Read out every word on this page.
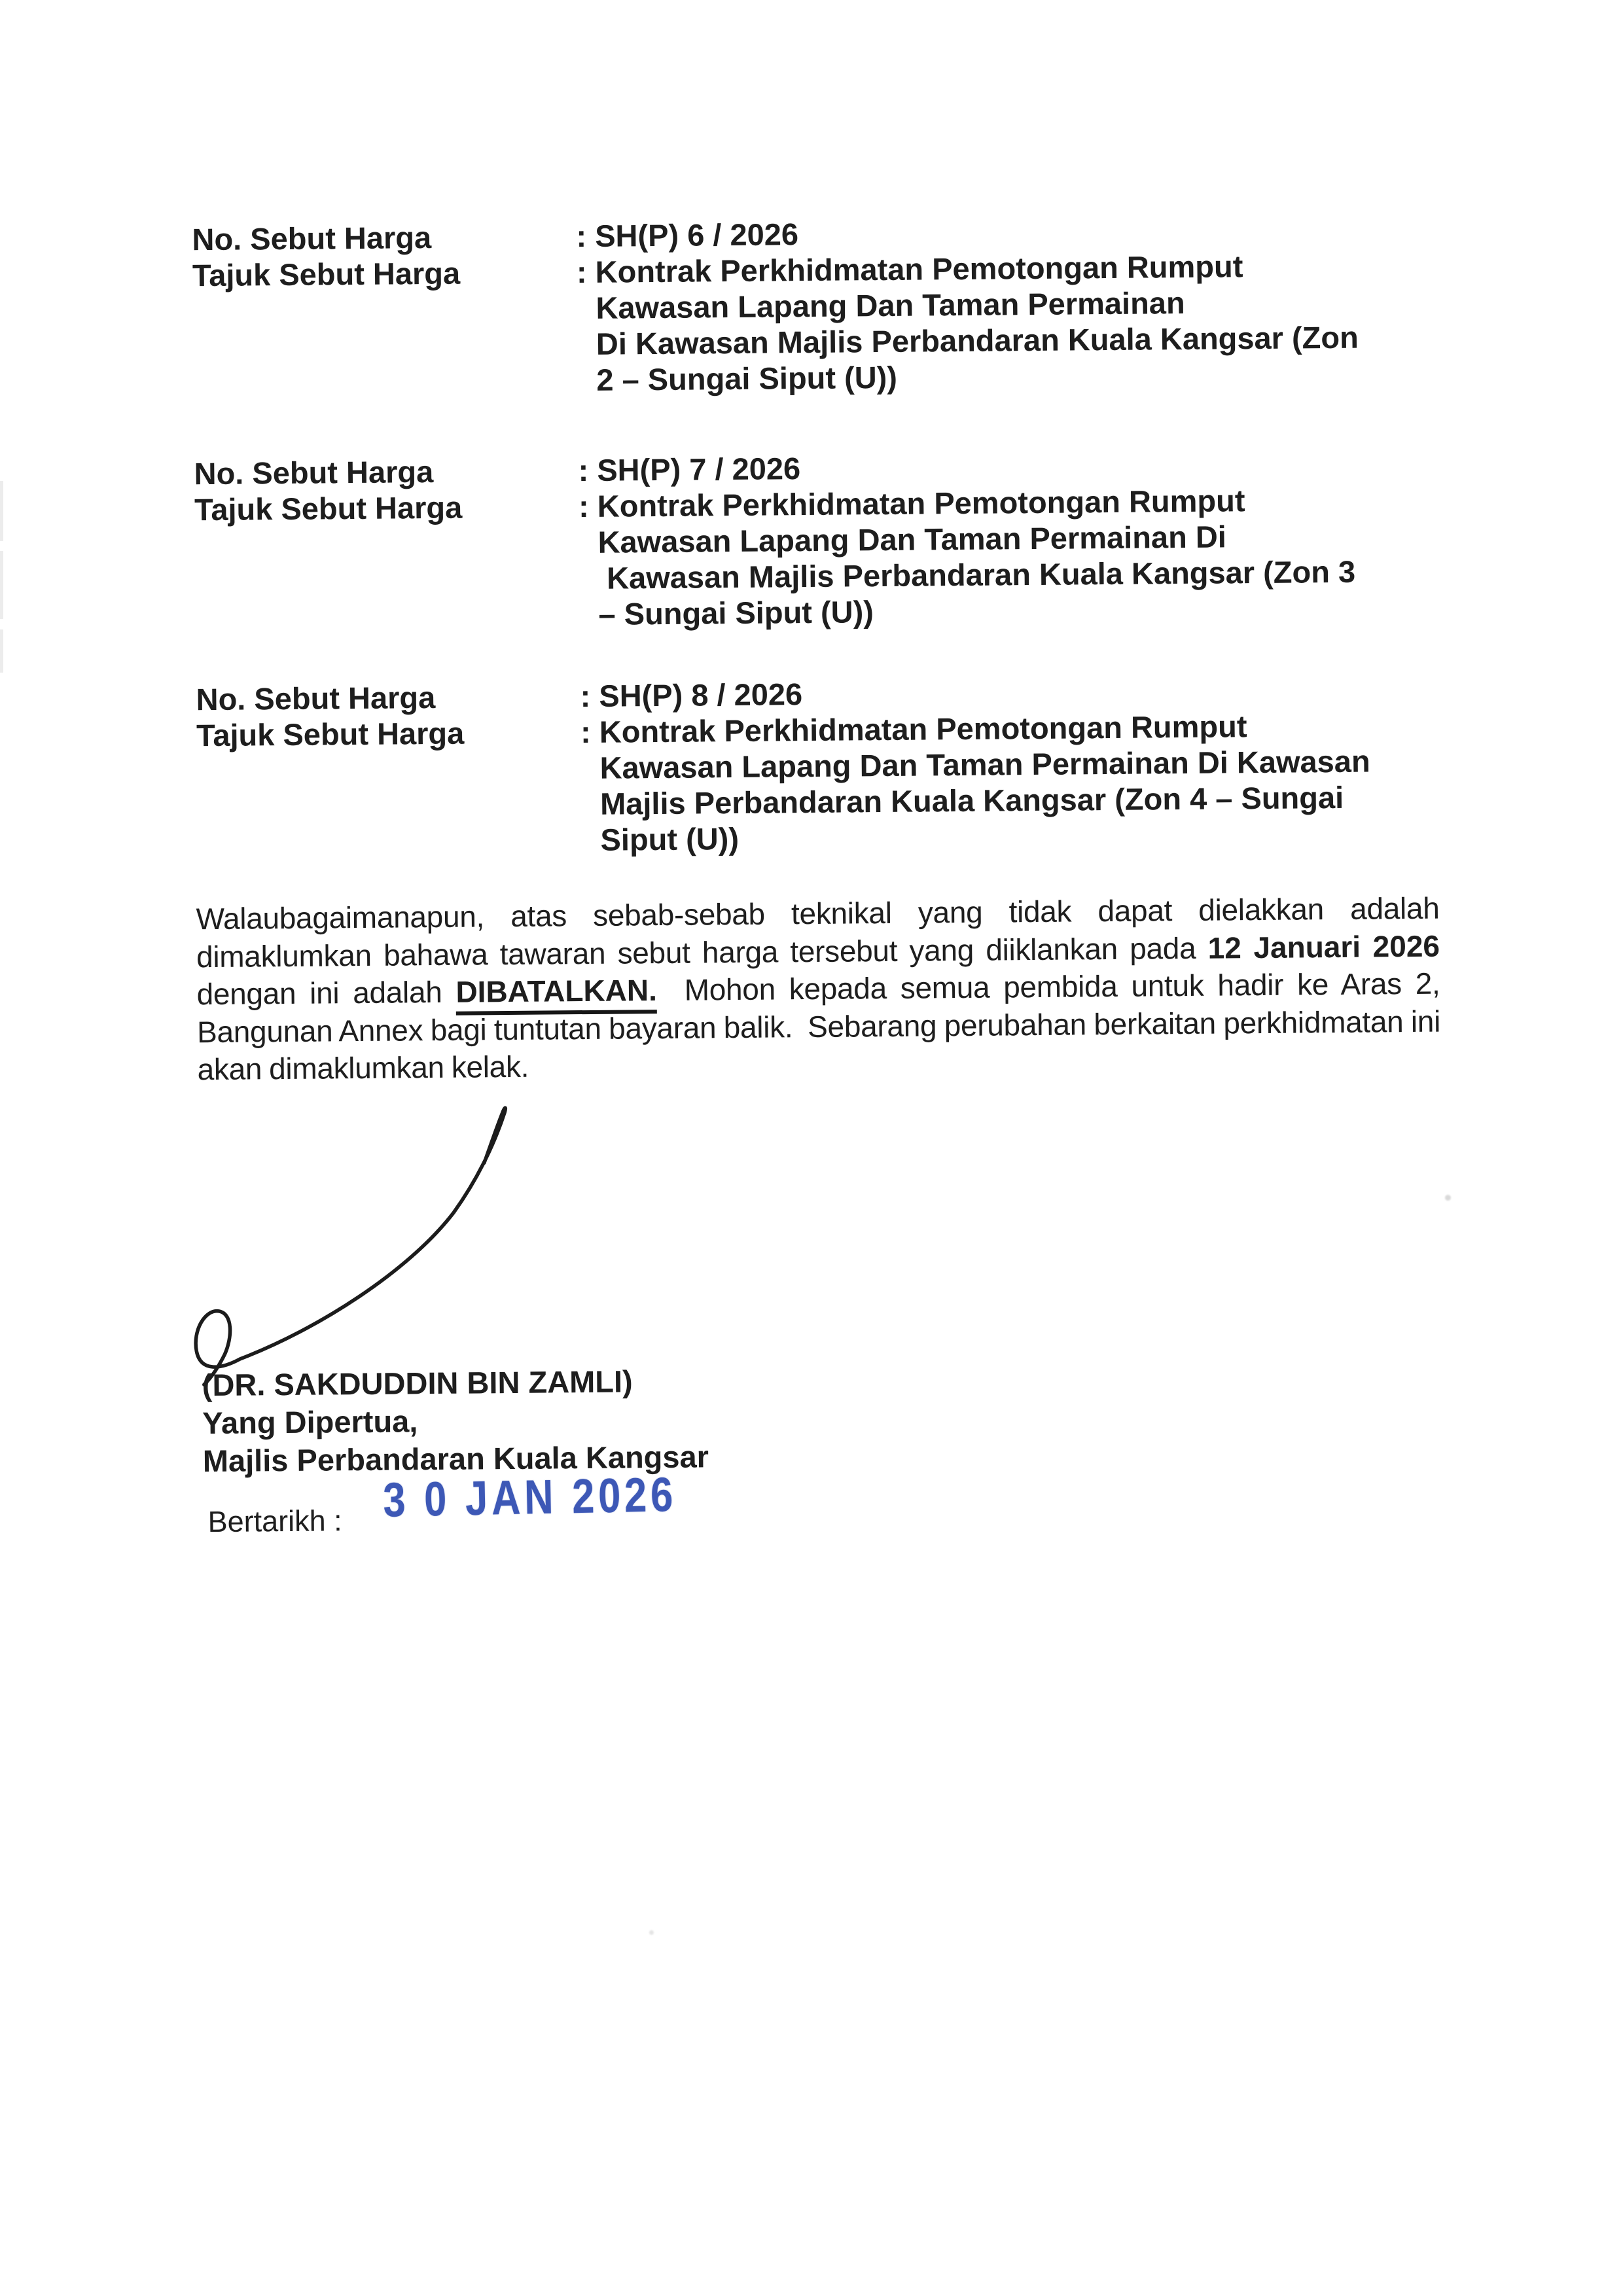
No. Sebut Harga	: SH(P) 6 / 2026
Tajuk Sebut Harga	: Kontrak Perkhidmatan Pemotongan Rumput
Kawasan Lapang Dan Taman Permainan
Di Kawasan Majlis Perbandaran Kuala Kangsar (Zon
2 – Sungai Siput (U))
No. Sebut Harga	: SH(P) 7 / 2026
Tajuk Sebut Harga	: Kontrak Perkhidmatan Pemotongan Rumput
Kawasan Lapang Dan Taman Permainan Di
Kawasan Majlis Perbandaran Kuala Kangsar (Zon 3
– Sungai Siput (U))
No. Sebut Harga	: SH(P) 8 / 2026
Tajuk Sebut Harga	: Kontrak Perkhidmatan Pemotongan Rumput
Kawasan Lapang Dan Taman Permainan Di Kawasan
Majlis Perbandaran Kuala Kangsar (Zon 4 – Sungai
Siput (U))
Walaubagaimanapun, atas sebab-sebab teknikal yang tidak dapat dielakkan adalah dimaklumkan bahawa tawaran sebut harga tersebut yang diiklankan pada 12 Januari 2026 dengan ini adalah DIBATALKAN.  Mohon kepada semua pembida untuk hadir ke Aras 2, Bangunan Annex bagi tuntutan bayaran balik.  Sebarang perubahan berkaitan perkhidmatan ini akan dimaklumkan kelak.
(DR. SAKDUDDIN BIN ZAMLI)
Yang Dipertua,
Majlis Perbandaran Kuala Kangsar
Bertarikh : 3 0 JAN 2026
